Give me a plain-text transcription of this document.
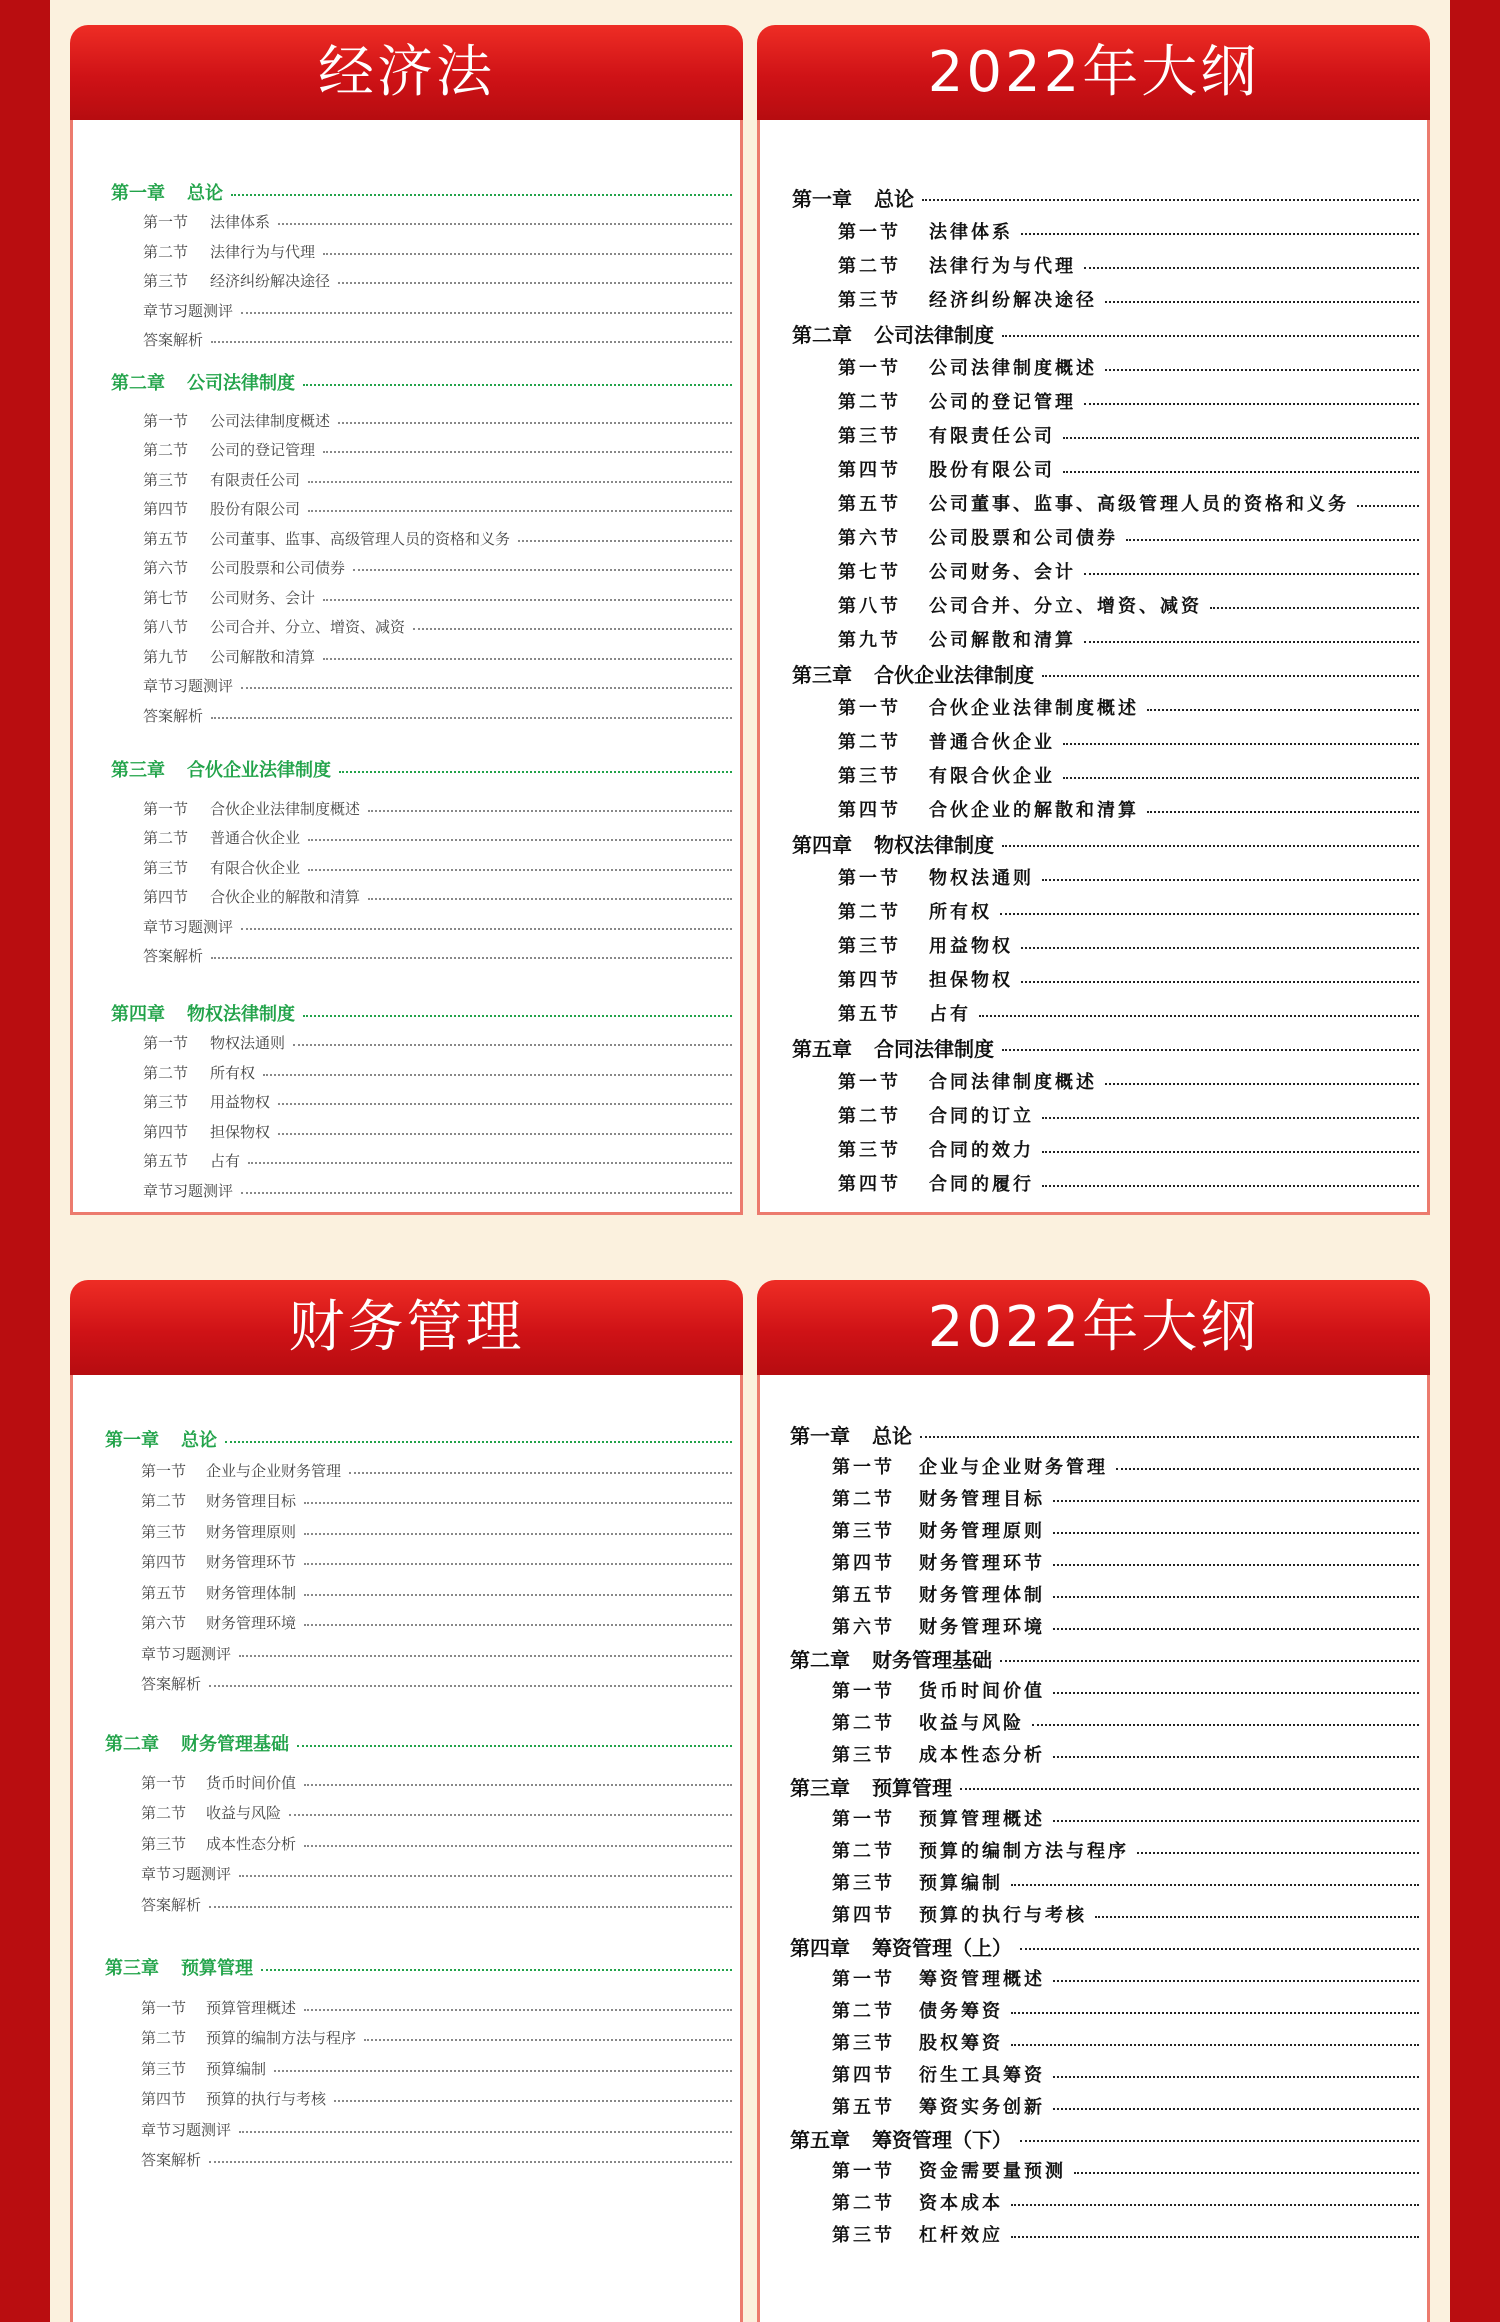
经济法
第一章 总论
第一节 法律体系
第二节 法律行为与代理
第三节 经济纠纷解决途径
章节习题测评
答案解析
第二章 公司法律制度
第一节 公司法律制度概述
第二节 公司的登记管理
第三节 有限责任公司
第四节 股份有限公司
第五节 公司董事、监事、高级管理人员的资格和义务
第六节 公司股票和公司债券
第七节 公司财务、会计
第八节 公司合并、分立、增资、减资
第九节 公司解散和清算
章节习题测评
答案解析
第三章 合伙企业法律制度
第一节 合伙企业法律制度概述
第二节 普通合伙企业
第三节 有限合伙企业
第四节 合伙企业的解散和清算
章节习题测评
答案解析
第四章 物权法律制度
第一节 物权法通则
第二节 所有权
第三节 用益物权
第四节 担保物权
第五节 占有
章节习题测评
2022年大纲
第一章 总论
第一节 法律体系
第二节 法律行为与代理
第三节 经济纠纷解决途径
第二章 公司法律制度
第一节 公司法律制度概述
第二节 公司的登记管理
第三节 有限责任公司
第四节 股份有限公司
第五节 公司董事、监事、高级管理人员的资格和义务
第六节 公司股票和公司债券
第七节 公司财务、会计
第八节 公司合并、分立、增资、减资
第九节 公司解散和清算
第三章 合伙企业法律制度
第一节 合伙企业法律制度概述
第二节 普通合伙企业
第三节 有限合伙企业
第四节 合伙企业的解散和清算
第四章 物权法律制度
第一节 物权法通则
第二节 所有权
第三节 用益物权
第四节 担保物权
第五节 占有
第五章 合同法律制度
第一节 合同法律制度概述
第二节 合同的订立
第三节 合同的效力
第四节 合同的履行
财务管理
第一章 总论
第一节 企业与企业财务管理
第二节 财务管理目标
第三节 财务管理原则
第四节 财务管理环节
第五节 财务管理体制
第六节 财务管理环境
章节习题测评
答案解析
第二章 财务管理基础
第一节 货币时间价值
第二节 收益与风险
第三节 成本性态分析
章节习题测评
答案解析
第三章 预算管理
第一节 预算管理概述
第二节 预算的编制方法与程序
第三节 预算编制
第四节 预算的执行与考核
章节习题测评
答案解析
2022年大纲
第一章 总论
第一节 企业与企业财务管理
第二节 财务管理目标
第三节 财务管理原则
第四节 财务管理环节
第五节 财务管理体制
第六节 财务管理环境
第二章 财务管理基础
第一节 货币时间价值
第二节 收益与风险
第三节 成本性态分析
第三章 预算管理
第一节 预算管理概述
第二节 预算的编制方法与程序
第三节 预算编制
第四节 预算的执行与考核
第四章 筹资管理（上）
第一节 筹资管理概述
第二节 债务筹资
第三节 股权筹资
第四节 衍生工具筹资
第五节 筹资实务创新
第五章 筹资管理（下）
第一节 资金需要量预测
第二节 资本成本
第三节 杠杆效应
